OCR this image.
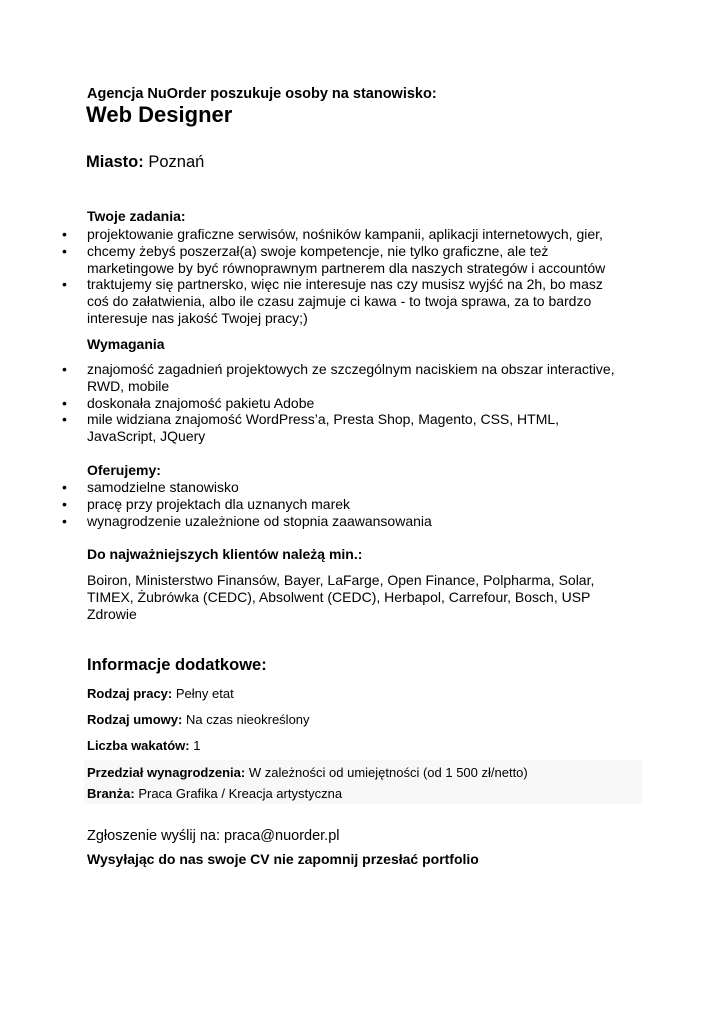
Agencja NuOrder poszukuje osoby na stanowisko:
Web Designer
Miasto: Poznań
Twoje zadania:
• projektowanie graficzne serwisów, nośników kampanii, aplikacji internetowych, gier,
• chcemy żebyś poszerzał(a) swoje kompetencje, nie tylko graficzne, ale też
marketingowe by być równoprawnym partnerem dla naszych strategów i accountów
• traktujemy się partnersko, więc nie interesuje nas czy musisz wyjść na 2h, bo masz
coś do załatwienia, albo ile czasu zajmuje ci kawa - to twoja sprawa, za to bardzo
interesuje nas jakość Twojej pracy;)
Wymagania
• znajomość zagadnień projektowych ze szczególnym naciskiem na obszar interactive,
RWD, mobile
• doskonała znajomość pakietu Adobe
• mile widziana znajomość WordPress’a, Presta Shop, Magento, CSS, HTML,
JavaScript, JQuery
Oferujemy:
• samodzielne stanowisko
• pracę przy projektach dla uznanych marek
• wynagrodzenie uzależnione od stopnia zaawansowania
Do najważniejszych klientów należą min.:
Boiron, Ministerstwo Finansów, Bayer, LaFarge, Open Finance, Polpharma, Solar,
TIMEX, Żubrówka (CEDC), Absolwent (CEDC), Herbapol, Carrefour, Bosch, USP
Zdrowie
Informacje dodatkowe:
Rodzaj pracy: Pełny etat
Rodzaj umowy: Na czas nieokreślony
Liczba wakatów: 1
Przedział wynagrodzenia: W zależności od umiejętności (od 1 500 zł/netto)
Branża: Praca Grafika / Kreacja artystyczna
Zgłoszenie wyślij na: praca@nuorder.pl
Wysyłając do nas swoje CV nie zapomnij przesłać portfolio
